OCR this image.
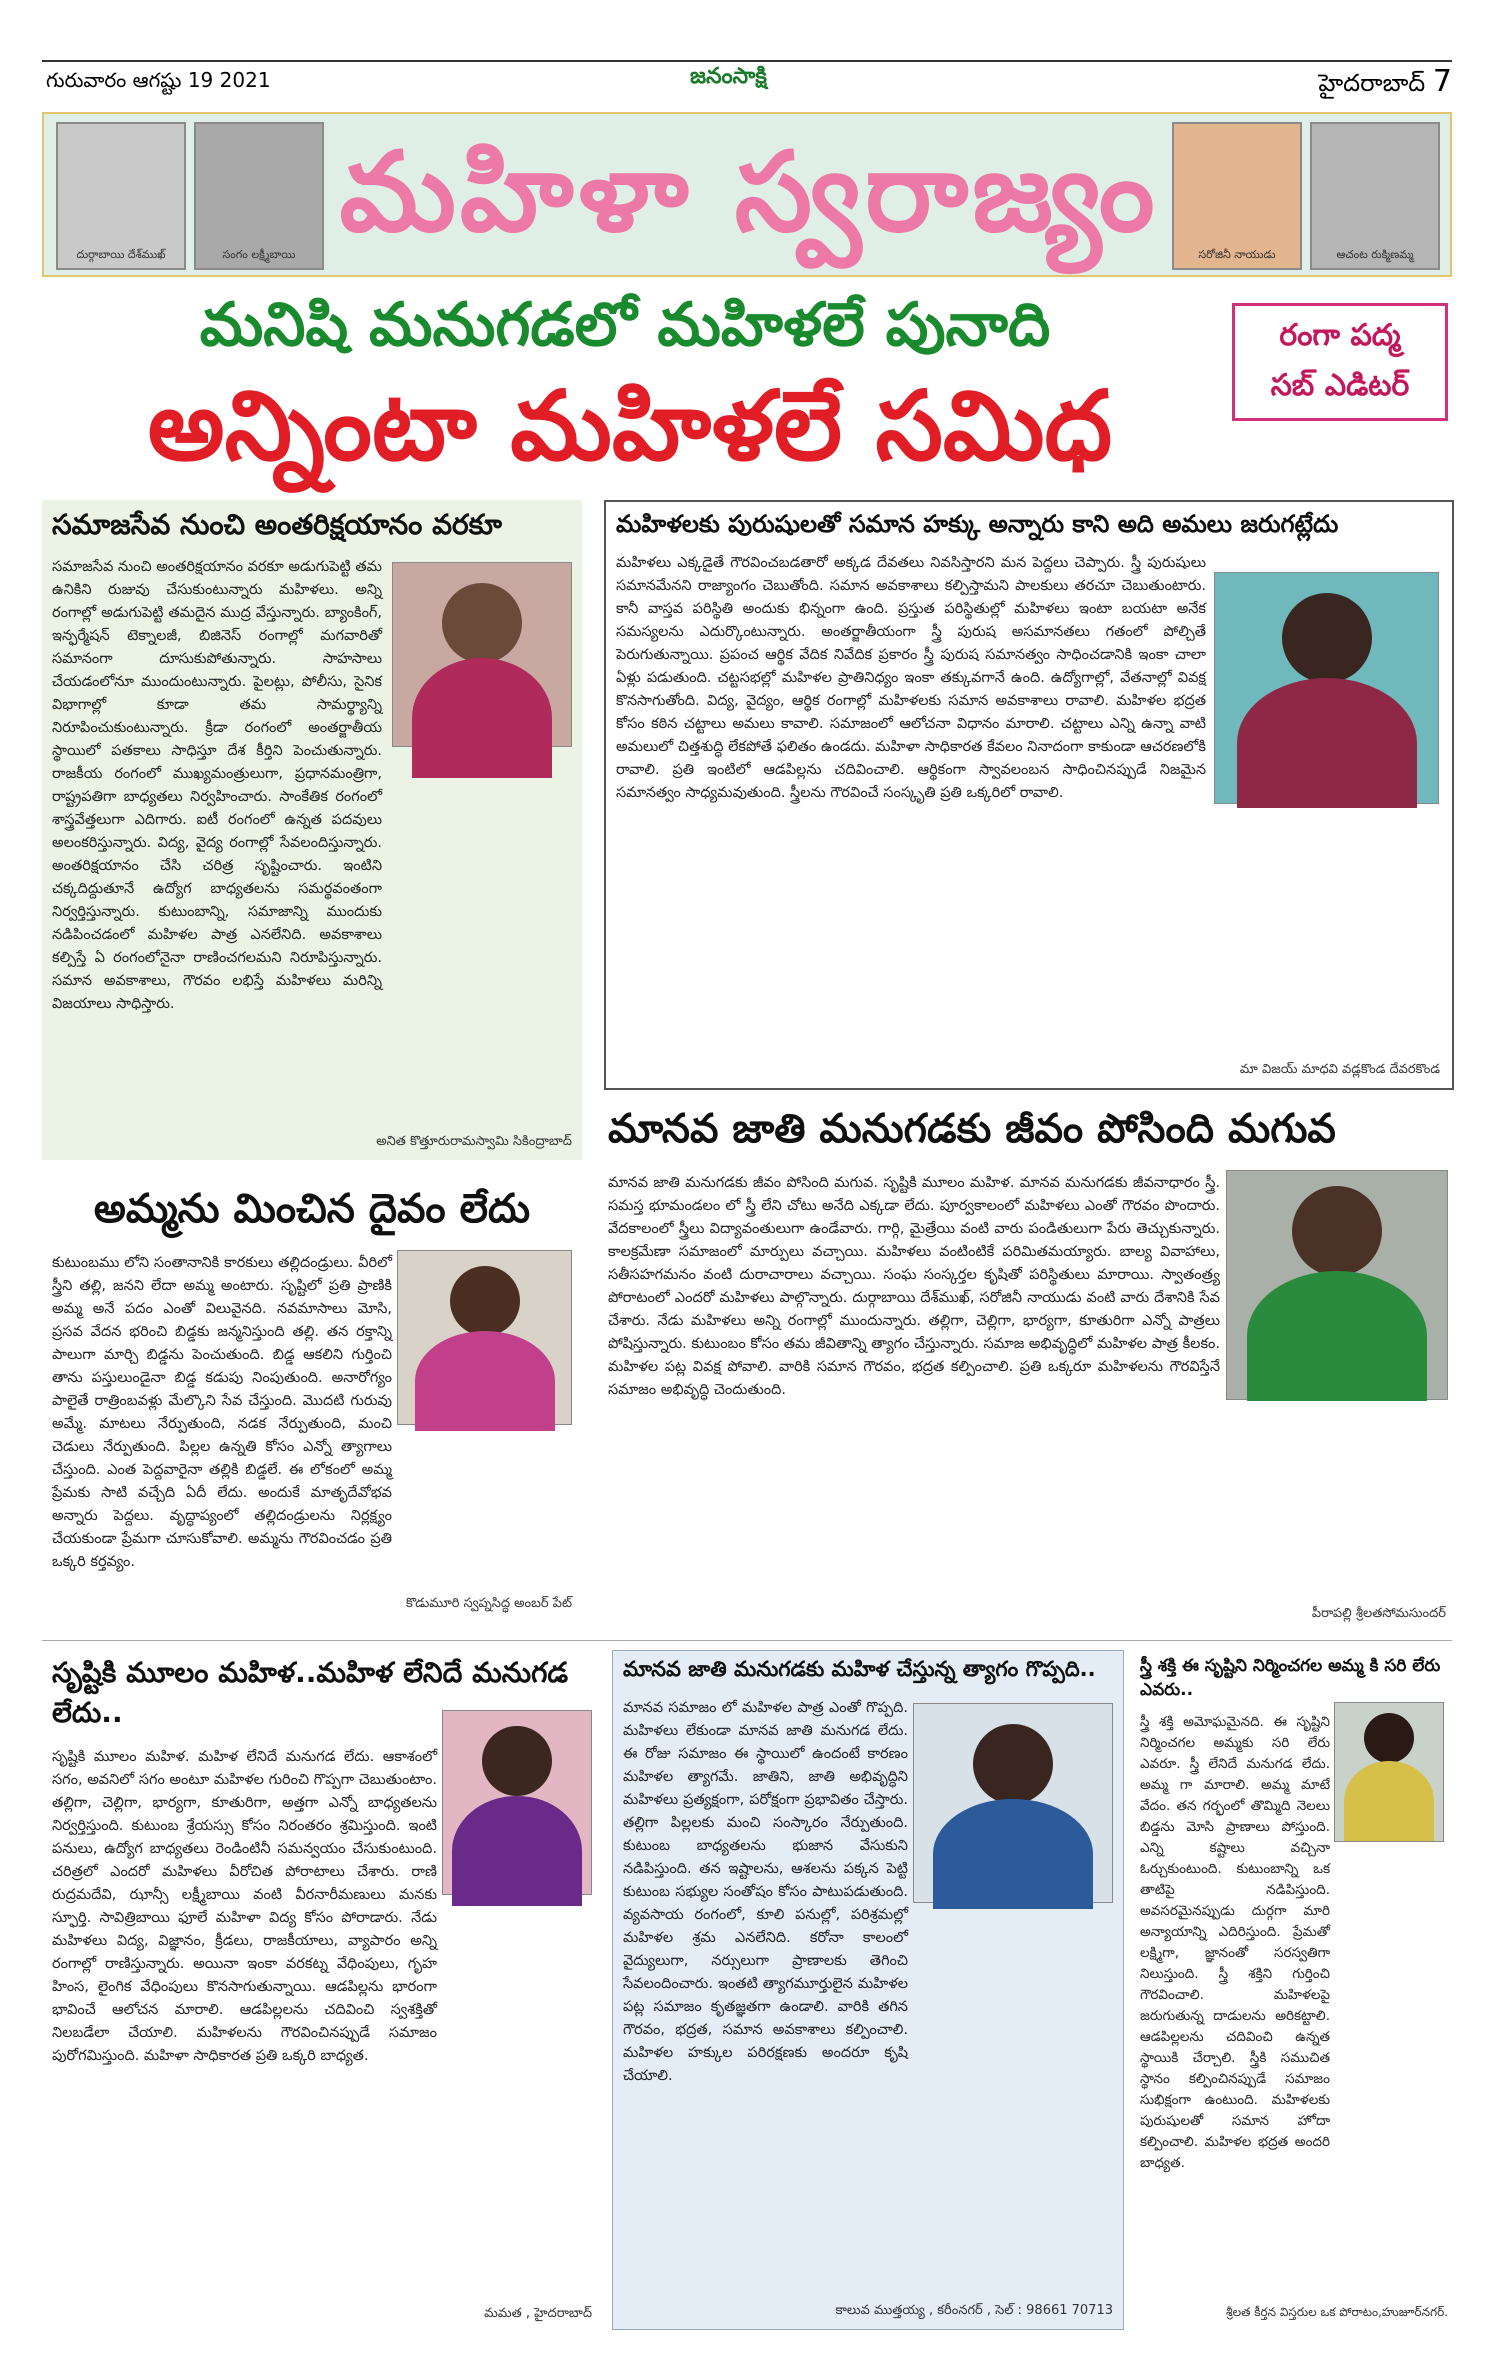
గురువారం ఆగష్టు 19 2021	జనంసాక్షి	హైదరాబాద్ 7
దుర్గాబాయి దేశ్‌ముఖ్	సంగం లక్ష్మీబాయి మహిళా స్వరాజ్యం	సరోజినీ నాయుడు	ఆచంట రుక్మిణమ్మ
మనిషి మనుగడలో మహిళలే పునాది
అన్నింటా మహిళలే సమిధ
రంగా పద్మ
సబ్ ఎడిటర్
సమాజసేవ నుంచి అంతరిక్షయానం వరకూ
సమాజసేవ నుంచి అంతరిక్షయానం వరకూ అడుగుపెట్టి తమ ఉనికిని రుజువు చేసుకుంటున్నారు మహిళలు. అన్ని రంగాల్లో అడుగుపెట్టి తమదైన ముద్ర వేస్తున్నారు. బ్యాంకింగ్, ఇన్ఫర్మేషన్ టెక్నాలజీ, బిజినెస్ రంగాల్లో మగవారితో సమానంగా దూసుకుపోతున్నారు. సాహసాలు చేయడంలోనూ ముందుంటున్నారు. పైలట్లు, పోలీసు, సైనిక విభాగాల్లో కూడా తమ సామర్థ్యాన్ని నిరూపించుకుంటున్నారు. క్రీడా రంగంలో అంతర్జాతీయ స్థాయిలో పతకాలు సాధిస్తూ దేశ కీర్తిని పెంచుతున్నారు. రాజకీయ రంగంలో ముఖ్యమంత్రులుగా, ప్రధానమంత్రిగా, రాష్ట్రపతిగా బాధ్యతలు నిర్వహించారు. సాంకేతిక రంగంలో శాస్త్రవేత్తలుగా ఎదిగారు. ఐటీ రంగంలో ఉన్నత పదవులు అలంకరిస్తున్నారు. విద్య, వైద్య రంగాల్లో సేవలందిస్తున్నారు. అంతరిక్షయానం చేసి చరిత్ర సృష్టించారు. ఇంటిని చక్కదిద్దుతూనే ఉద్యోగ బాధ్యతలను సమర్థవంతంగా నిర్వర్తిస్తున్నారు. కుటుంబాన్ని, సమాజాన్ని ముందుకు నడిపించడంలో మహిళల పాత్ర ఎనలేనిది. అవకాశాలు కల్పిస్తే ఏ రంగంలోనైనా రాణించగలమని నిరూపిస్తున్నారు. సమాన అవకాశాలు, గౌరవం లభిస్తే మహిళలు మరిన్ని విజయాలు సాధిస్తారు.
అనిత కొత్తూరురామస్వామి సికింద్రాబాద్
మహిళలకు పురుషులతో సమాన హక్కు అన్నారు కాని అది అమలు జరుగట్లేదు
మహిళలు ఎక్కడైతే గౌరవించబడతారో అక్కడ దేవతలు నివసిస్తారని మన పెద్దలు చెప్పారు. స్త్రీ పురుషులు సమానమేనని రాజ్యాంగం చెబుతోంది. సమాన అవకాశాలు కల్పిస్తామని పాలకులు తరచూ చెబుతుంటారు. కానీ వాస్తవ పరిస్థితి అందుకు భిన్నంగా ఉంది. ప్రస్తుత పరిస్థితుల్లో మహిళలు ఇంటా బయటా అనేక సమస్యలను ఎదుర్కొంటున్నారు. అంతర్జాతీయంగా స్త్రీ పురుష అసమానతలు గతంలో పోల్చితే పెరుగుతున్నాయి. ప్రపంచ ఆర్థిక వేదిక నివేదిక ప్రకారం స్త్రీ పురుష సమానత్వం సాధించడానికి ఇంకా చాలా ఏళ్లు పడుతుంది. చట్టసభల్లో మహిళల ప్రాతినిధ్యం ఇంకా తక్కువగానే ఉంది. ఉద్యోగాల్లో, వేతనాల్లో వివక్ష కొనసాగుతోంది. విద్య, వైద్యం, ఆర్థిక రంగాల్లో మహిళలకు సమాన అవకాశాలు రావాలి. మహిళల భద్రత కోసం కఠిన చట్టాలు అమలు కావాలి. సమాజంలో ఆలోచనా విధానం మారాలి. చట్టాలు ఎన్ని ఉన్నా వాటి అమలులో చిత్తశుద్ధి లేకపోతే ఫలితం ఉండదు. మహిళా సాధికారత కేవలం నినాదంగా కాకుండా ఆచరణలోకి రావాలి. ప్రతి ఇంటిలో ఆడపిల్లను చదివించాలి. ఆర్థికంగా స్వావలంబన సాధించినప్పుడే నిజమైన సమానత్వం సాధ్యమవుతుంది. స్త్రీలను గౌరవించే సంస్కృతి ప్రతి ఒక్కరిలో రావాలి.
మా విజయ్ మాధవి వడ్లకొండ దేవరకొండ
మానవ జాతి మనుగడకు జీవం పోసింది మగువ
మానవ జాతి మనుగడకు జీవం పోసింది మగువ. సృష్టికి మూలం మహిళ. మానవ మనుగడకు జీవనాధారం స్త్రీ. సమస్త భూమండలం లో స్త్రీ లేని చోటు అనేది ఎక్కడా లేదు. పూర్వకాలంలో మహిళలు ఎంతో గౌరవం పొందారు. వేదకాలంలో స్త్రీలు విద్యావంతులుగా ఉండేవారు. గార్గి, మైత్రేయి వంటి వారు పండితులుగా పేరు తెచ్చుకున్నారు. కాలక్రమేణా సమాజంలో మార్పులు వచ్చాయి. మహిళలు వంటింటికే పరిమితమయ్యారు. బాల్య వివాహాలు, సతీసహగమనం వంటి దురాచారాలు వచ్చాయి. సంఘ సంస్కర్తల కృషితో పరిస్థితులు మారాయి. స్వాతంత్ర్య పోరాటంలో ఎందరో మహిళలు పాల్గొన్నారు. దుర్గాబాయి దేశ్‌ముఖ్, సరోజినీ నాయుడు వంటి వారు దేశానికి సేవ చేశారు. నేడు మహిళలు అన్ని రంగాల్లో ముందున్నారు. తల్లిగా, చెల్లిగా, భార్యగా, కూతురిగా ఎన్నో పాత్రలు పోషిస్తున్నారు. కుటుంబం కోసం తమ జీవితాన్ని త్యాగం చేస్తున్నారు. సమాజ అభివృద్ధిలో మహిళల పాత్ర కీలకం. మహిళల పట్ల వివక్ష పోవాలి. వారికి సమాన గౌరవం, భద్రత కల్పించాలి. ప్రతి ఒక్కరూ మహిళలను గౌరవిస్తేనే సమాజం అభివృద్ధి చెందుతుంది.
పీరాపల్లి శ్రీలతసోమసుందర్
అమ్మను మించిన దైవం లేదు
కుటుంబము లోని సంతానానికి కారకులు తల్లిదండ్రులు. వీరిలో స్త్రీని తల్లి, జనని లేదా అమ్మ అంటారు. సృష్టిలో ప్రతి ప్రాణికి అమ్మ అనే పదం ఎంతో విలువైనది. నవమాసాలు మోసి, ప్రసవ వేదన భరించి బిడ్డకు జన్మనిస్తుంది తల్లి. తన రక్తాన్ని పాలుగా మార్చి బిడ్డను పెంచుతుంది. బిడ్డ ఆకలిని గుర్తించి తాను పస్తులుండైనా బిడ్డ కడుపు నింపుతుంది. అనారోగ్యం పాలైతే రాత్రింబవళ్లు మేల్కొని సేవ చేస్తుంది. మొదటి గురువు అమ్మే. మాటలు నేర్పుతుంది, నడక నేర్పుతుంది, మంచి చెడులు నేర్పుతుంది. పిల్లల ఉన్నతి కోసం ఎన్నో త్యాగాలు చేస్తుంది. ఎంత పెద్దవారైనా తల్లికి బిడ్డలే. ఈ లోకంలో అమ్మ ప్రేమకు సాటి వచ్చేది ఏదీ లేదు. అందుకే మాతృదేవోభవ అన్నారు పెద్దలు. వృద్ధాప్యంలో తల్లిదండ్రులను నిర్లక్ష్యం చేయకుండా ప్రేమగా చూసుకోవాలి. అమ్మను గౌరవించడం ప్రతి ఒక్కరి కర్తవ్యం.
కొడుమూరి స్వప్నసిద్ధ అంబర్ పేట్
సృష్టికి మూలం మహిళ..మహిళ లేనిదే మనుగడ లేదు..
సృష్టికి మూలం మహిళ. మహిళ లేనిదే మనుగడ లేదు. ఆకాశంలో సగం, అవనిలో సగం అంటూ మహిళల గురించి గొప్పగా చెబుతుంటాం. తల్లిగా, చెల్లిగా, భార్యగా, కూతురిగా, అత్తగా ఎన్నో బాధ్యతలను నిర్వర్తిస్తుంది. కుటుంబ శ్రేయస్సు కోసం నిరంతరం శ్రమిస్తుంది. ఇంటి పనులు, ఉద్యోగ బాధ్యతలు రెండింటినీ సమన్వయం చేసుకుంటుంది. చరిత్రలో ఎందరో మహిళలు వీరోచిత పోరాటాలు చేశారు. రాణి రుద్రమదేవి, ఝాన్సీ లక్ష్మీబాయి వంటి వీరనారీమణులు మనకు స్ఫూర్తి. సావిత్రిబాయి ఫూలే మహిళా విద్య కోసం పోరాడారు. నేడు మహిళలు విద్య, విజ్ఞానం, క్రీడలు, రాజకీయాలు, వ్యాపారం అన్ని రంగాల్లో రాణిస్తున్నారు. అయినా ఇంకా వరకట్న వేధింపులు, గృహ హింస, లైంగిక వేధింపులు కొనసాగుతున్నాయి. ఆడపిల్లను భారంగా భావించే ఆలోచన మారాలి. ఆడపిల్లలను చదివించి స్వశక్తితో నిలబడేలా చేయాలి. మహిళలను గౌరవించినప్పుడే సమాజం పురోగమిస్తుంది. మహిళా సాధికారత ప్రతి ఒక్కరి బాధ్యత.
మమత , హైదరాబాద్
మానవ జాతి మనుగడకు మహిళ చేస్తున్న త్యాగం గొప్పది..
మానవ సమాజం లో మహిళల పాత్ర ఎంతో గొప్పది. మహిళలు లేకుండా మానవ జాతి మనుగడ లేదు. ఈ రోజు సమాజం ఈ స్థాయిలో ఉందంటే కారణం మహిళల త్యాగమే. జాతిని, జాతి అభివృద్ధిని మహిళలు ప్రత్యక్షంగా, పరోక్షంగా ప్రభావితం చేస్తారు. తల్లిగా పిల్లలకు మంచి సంస్కారం నేర్పుతుంది. కుటుంబ బాధ్యతలను భుజాన వేసుకుని నడిపిస్తుంది. తన ఇష్టాలను, ఆశలను పక్కన పెట్టి కుటుంబ సభ్యుల సంతోషం కోసం పాటుపడుతుంది. వ్యవసాయ రంగంలో, కూలి పనుల్లో, పరిశ్రమల్లో మహిళల శ్రమ ఎనలేనిది. కరోనా కాలంలో వైద్యులుగా, నర్సులుగా ప్రాణాలకు తెగించి సేవలందించారు. ఇంతటి త్యాగమూర్తులైన మహిళల పట్ల సమాజం కృతజ్ఞతగా ఉండాలి. వారికి తగిన గౌరవం, భద్రత, సమాన అవకాశాలు కల్పించాలి. మహిళల హక్కుల పరిరక్షణకు అందరూ కృషి చేయాలి.
కాలువ ముత్తయ్య , కరీంనగర్ , సెల్ : 98661 70713
స్త్రీ శక్తి ఈ సృష్టిని నిర్మించగల అమ్మ కి సరి లేరు ఎవరు..
స్త్రీ శక్తి అమోఘమైనది. ఈ సృష్టిని నిర్మించగల అమ్మకు సరి లేరు ఎవరూ. స్త్రీ లేనిదే మనుగడ లేదు. అమ్మ గా మారాలి. అమ్మ మాటే వేదం. తన గర్భంలో తొమ్మిది నెలలు బిడ్డను మోసి ప్రాణాలు పోస్తుంది. ఎన్ని కష్టాలు వచ్చినా ఓర్చుకుంటుంది. కుటుంబాన్ని ఒక తాటిపై నడిపిస్తుంది. అవసరమైనప్పుడు దుర్గగా మారి అన్యాయాన్ని ఎదిరిస్తుంది. ప్రేమతో లక్ష్మిగా, జ్ఞానంతో సరస్వతిగా నిలుస్తుంది. స్త్రీ శక్తిని గుర్తించి గౌరవించాలి. మహిళలపై జరుగుతున్న దాడులను అరికట్టాలి. ఆడపిల్లలను చదివించి ఉన్నత స్థాయికి చేర్చాలి. స్త్రీకి సముచిత స్థానం కల్పించినప్పుడే సమాజం సుభిక్షంగా ఉంటుంది. మహిళలకు పురుషులతో సమాన హోదా కల్పించాలి. మహిళల భద్రత అందరి బాధ్యత.
శ్రీలత కీర్తన విస్తరుల ఒక పోరాటం,హుజూర్‌నగర్.
